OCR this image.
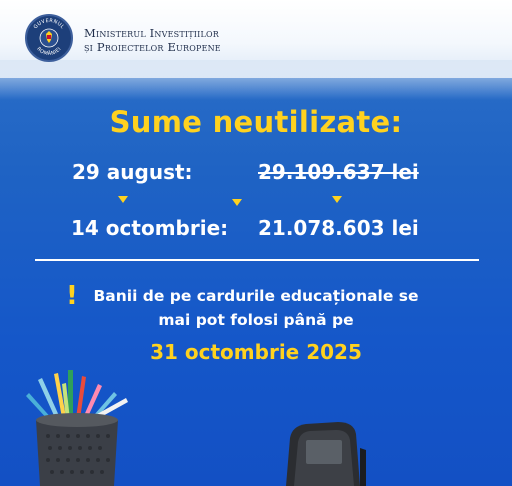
GUVERNUL
ROMÂNIEI
Ministerul Investițiilor
și Proiectelor Europene
Sume neutilizate:
29 august:	29.109.637 lei
14 octombrie: 21.078.603 lei
!	Banii de pe cardurile educaționale se
mai pot folosi până pe
31 octombrie 2025
